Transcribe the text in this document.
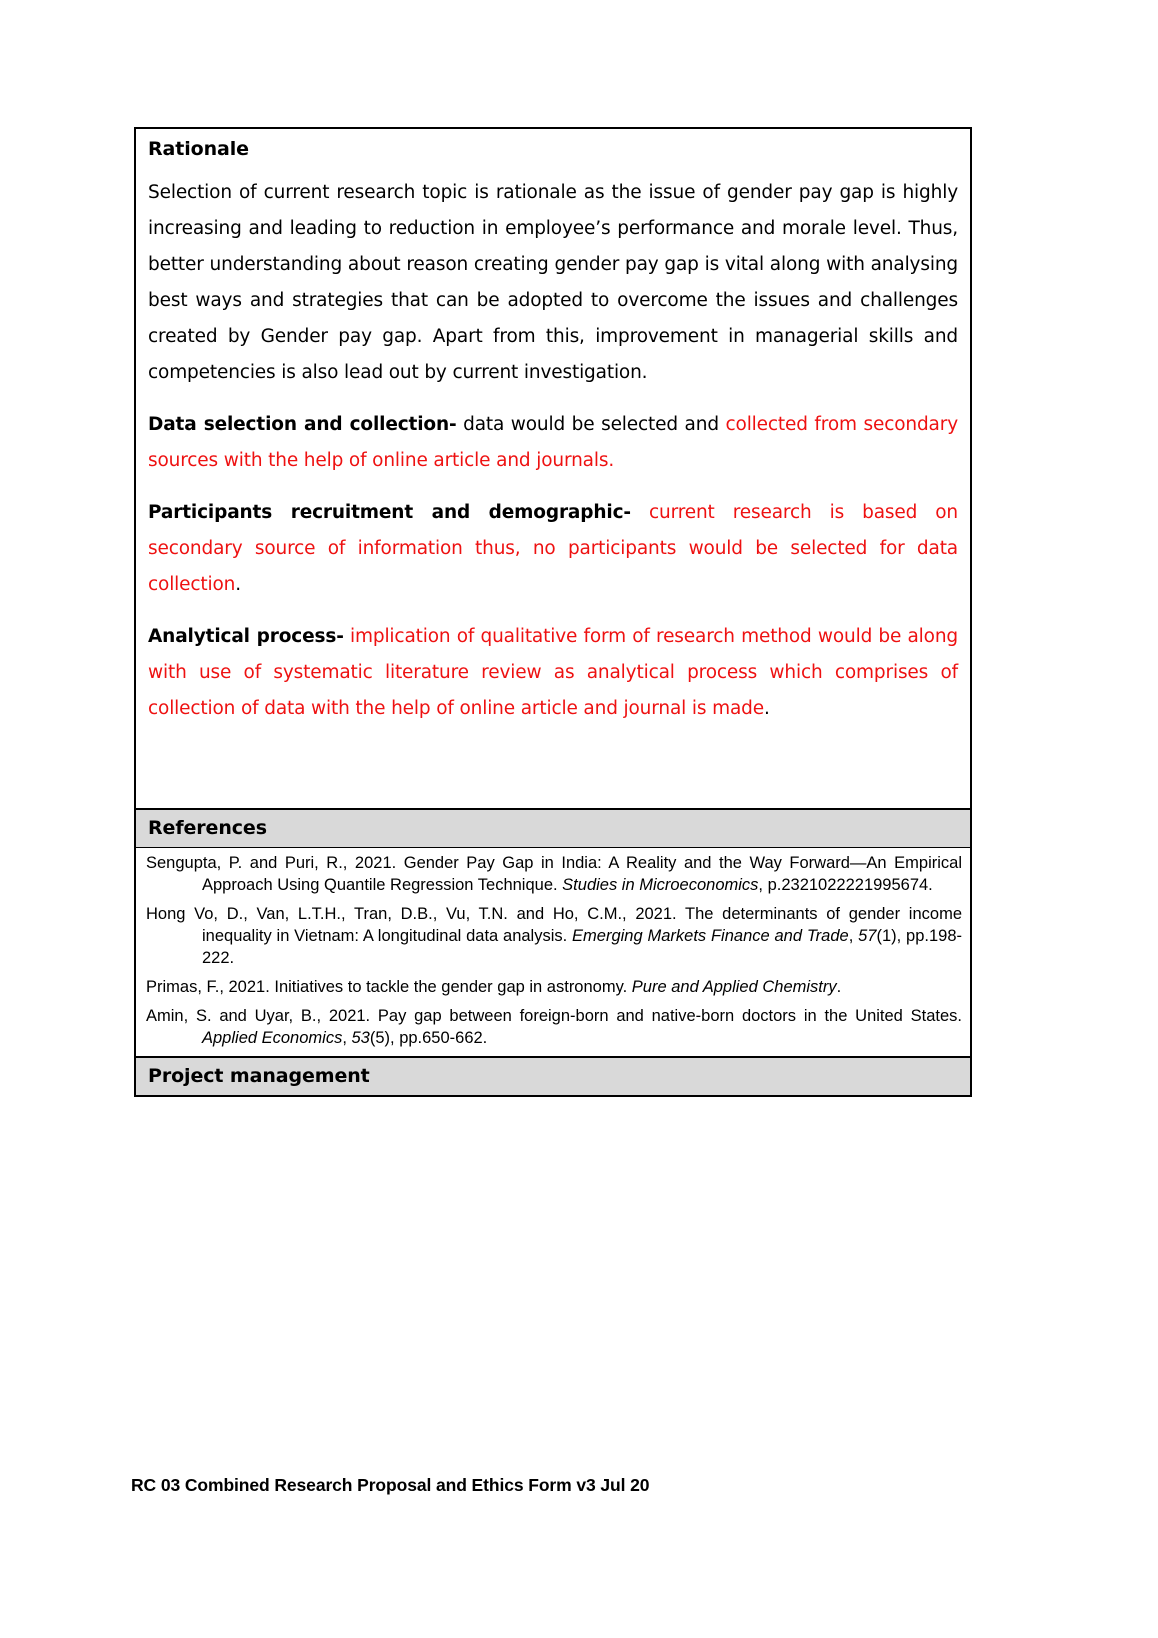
Rationale

Selection of current research topic is rationale as the issue of gender pay gap is highly increasing and leading to reduction in employee’s performance and morale level. Thus, better understanding about reason creating gender pay gap is vital along with analysing best ways and strategies that can be adopted to overcome the issues and challenges created by Gender pay gap. Apart from this, improvement in managerial skills and competencies is also lead out by current investigation.

Data selection and collection- data would be selected and collected from secondary sources with the help of online article and journals.

Participants recruitment and demographic- current research is based on secondary source of information thus, no participants would be selected for data collection.

Analytical process- implication of qualitative form of research method would be along with use of systematic literature review as analytical process which comprises of collection of data with the help of online article and journal is made.

References

Sengupta, P. and Puri, R., 2021. Gender Pay Gap in India: A Reality and the Way Forward—An Empirical Approach Using Quantile Regression Technique. Studies in Microeconomics, p.2321022221995674.

Hong Vo, D., Van, L.T.H., Tran, D.B., Vu, T.N. and Ho, C.M., 2021. The determinants of gender income inequality in Vietnam: A longitudinal data analysis. Emerging Markets Finance and Trade, 57(1), pp.198-222.

Primas, F., 2021. Initiatives to tackle the gender gap in astronomy. Pure and Applied Chemistry.

Amin, S. and Uyar, B., 2021. Pay gap between foreign-born and native-born doctors in the United States. Applied Economics, 53(5), pp.650-662.

Project management
RC 03 Combined Research Proposal and Ethics Form v3 Jul 20
